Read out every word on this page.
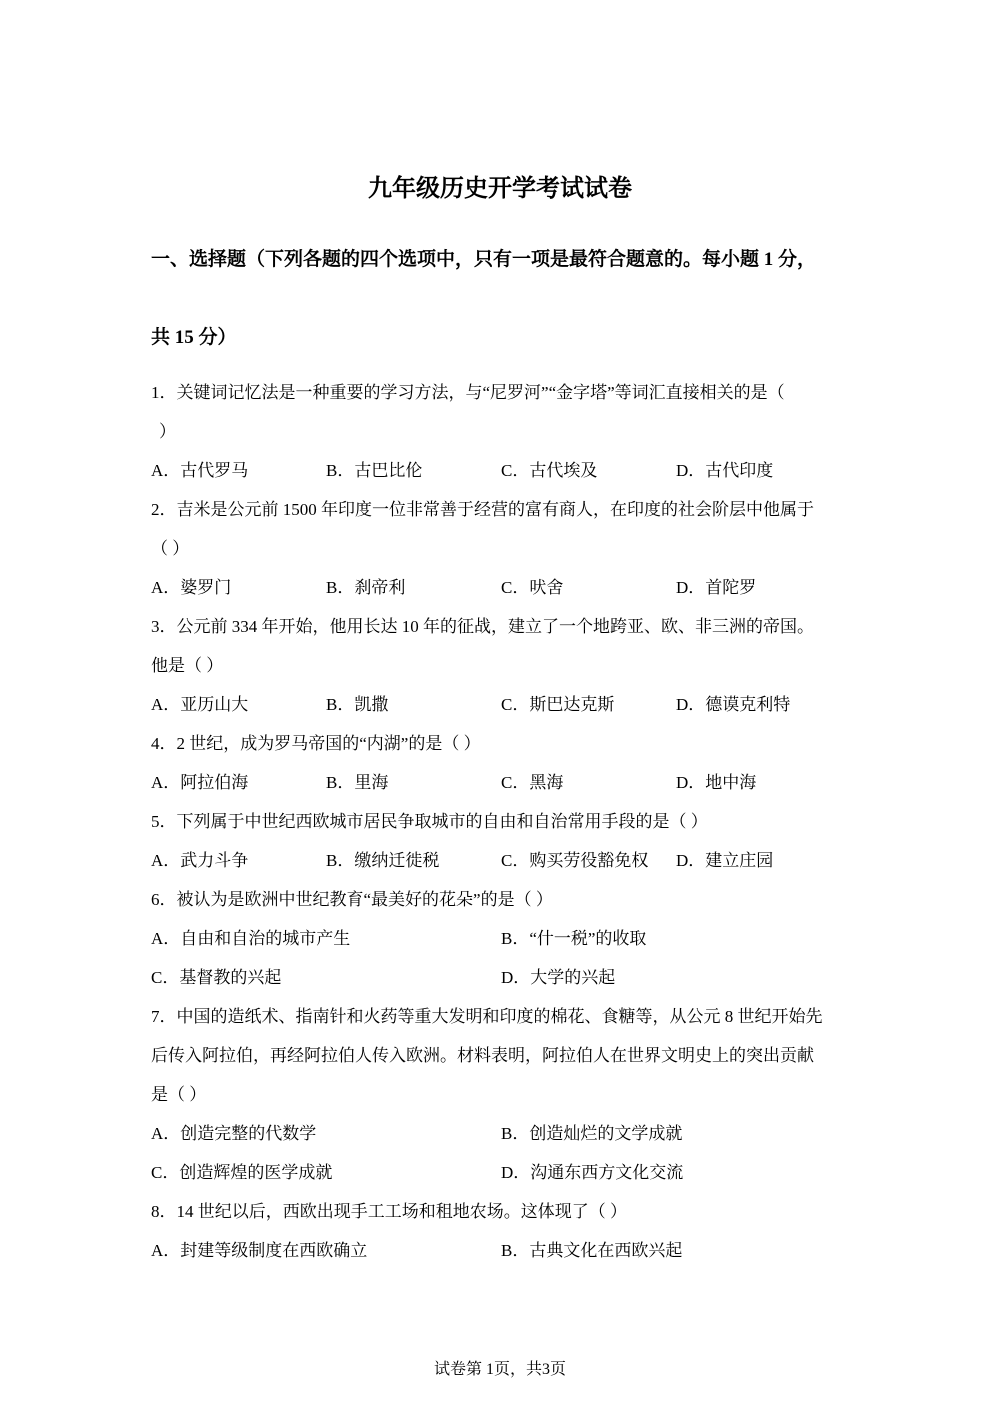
九年级历史开学考试试卷

一、选择题（下列各题的四个选项中，只有一项是最符合题意的。每小题 1 分，

共 15 分）

1．关键词记忆法是一种重要的学习方法，与“尼罗河”“金字塔”等词汇直接相关的是（

）

A．古代罗马	B．古巴比伦	C．古代埃及	D．古代印度

2．吉米是公元前 1500 年印度一位非常善于经营的富有商人，在印度的社会阶层中他属于

（ ）

A．婆罗门	B．刹帝利	C．吠舍	D．首陀罗

3．公元前 334 年开始，他用长达 10 年的征战，建立了一个地跨亚、欧、非三洲的帝国。

他是（ ）

A．亚历山大	B．凯撒	C．斯巴达克斯	D．德谟克利特

4．2 世纪，成为罗马帝国的“内湖”的是（ ）

A．阿拉伯海	B．里海	C．黑海	D．地中海

5．下列属于中世纪西欧城市居民争取城市的自由和自治常用手段的是（ ）

A．武力斗争	B．缴纳迁徙税	C．购买劳役豁免权 D．建立庄园

6．被认为是欧洲中世纪教育“最美好的花朵”的是（ ）

A．自由和自治的城市产生	B．“什一税”的收取
C．基督教的兴起	D．大学的兴起

7．中国的造纸术、指南针和火药等重大发明和印度的棉花、食糖等，从公元 8 世纪开始先

后传入阿拉伯，再经阿拉伯人传入欧洲。材料表明，阿拉伯人在世界文明史上的突出贡献

是（ ）

A．创造完整的代数学	B．创造灿烂的文学成就
C．创造辉煌的医学成就	D．沟通东西方文化交流

8．14 世纪以后，西欧出现手工工场和租地农场。这体现了（ ）

A．封建等级制度在西欧确立	B．古典文化在西欧兴起
试卷第 1页，共3页
